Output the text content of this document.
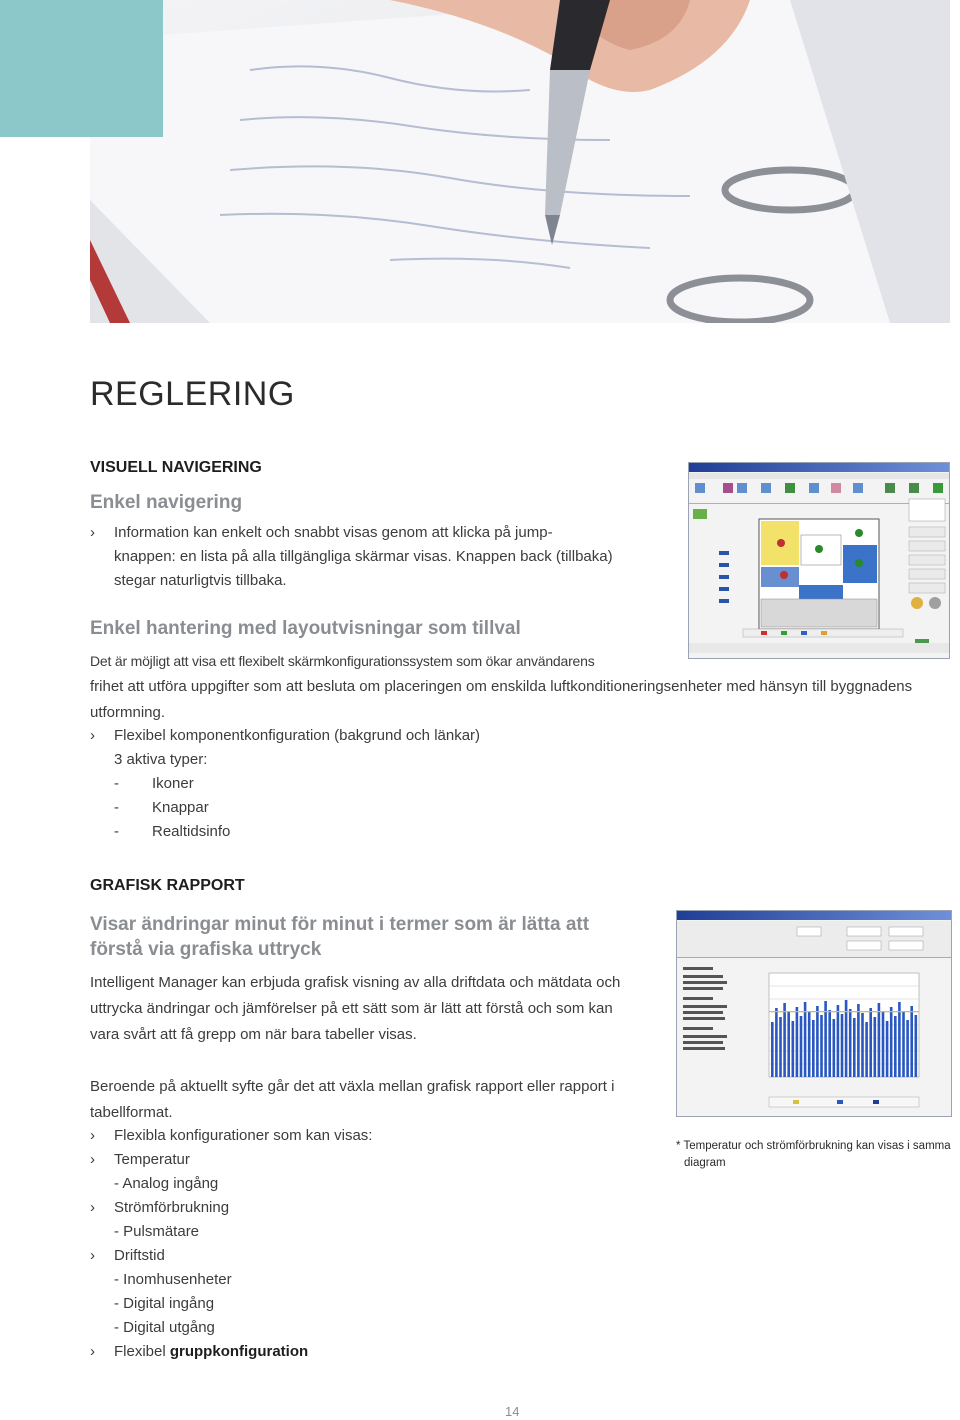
REGLERING
VISUELL NAVIGERING
Enkel navigering
› Information kan enkelt och snabbt visas genom att klicka på jump-
knappen: en lista på alla tillgängliga skärmar visas. Knappen back (tillbaka)
stegar naturligtvis tillbaka.
Enkel hantering med layoutvisningar som tillval
Det är möjligt att visa ett flexibelt skärmkonfigurationssystem som ökar användarens
frihet att utföra uppgifter som att besluta om placeringen om enskilda luftkonditioneringsenheter med hänsyn till byggnadens
utformning.
›	Flexibel komponentkonfiguration (bakgrund och länkar)
3 aktiva typer:
- Ikoner
- Knappar
- Realtidsinfo
GRAFISK RAPPORT
Visar ändringar minut för minut i termer som är lätta att
förstå via grafiska uttryck
Intelligent Manager kan erbjuda grafisk visning av alla driftdata och mätdata och
uttrycka ändringar och jämförelser på ett sätt som är lätt att förstå och som kan
vara svårt att få grepp om när bara tabeller visas.
Beroende på aktuellt syfte går det att växla mellan grafisk rapport eller rapport i
tabellformat.
›	Flexibla konfigurationer som kan visas:
›	Temperatur
- Analog ingång
›	Strömförbrukning
- Pulsmätare
›	Driftstid
- Inomhusenheter
- Digital ingång
- Digital utgång
›	Flexibel gruppkonfiguration
* Temperatur och strömförbrukning kan visas i samma
diagram
14
